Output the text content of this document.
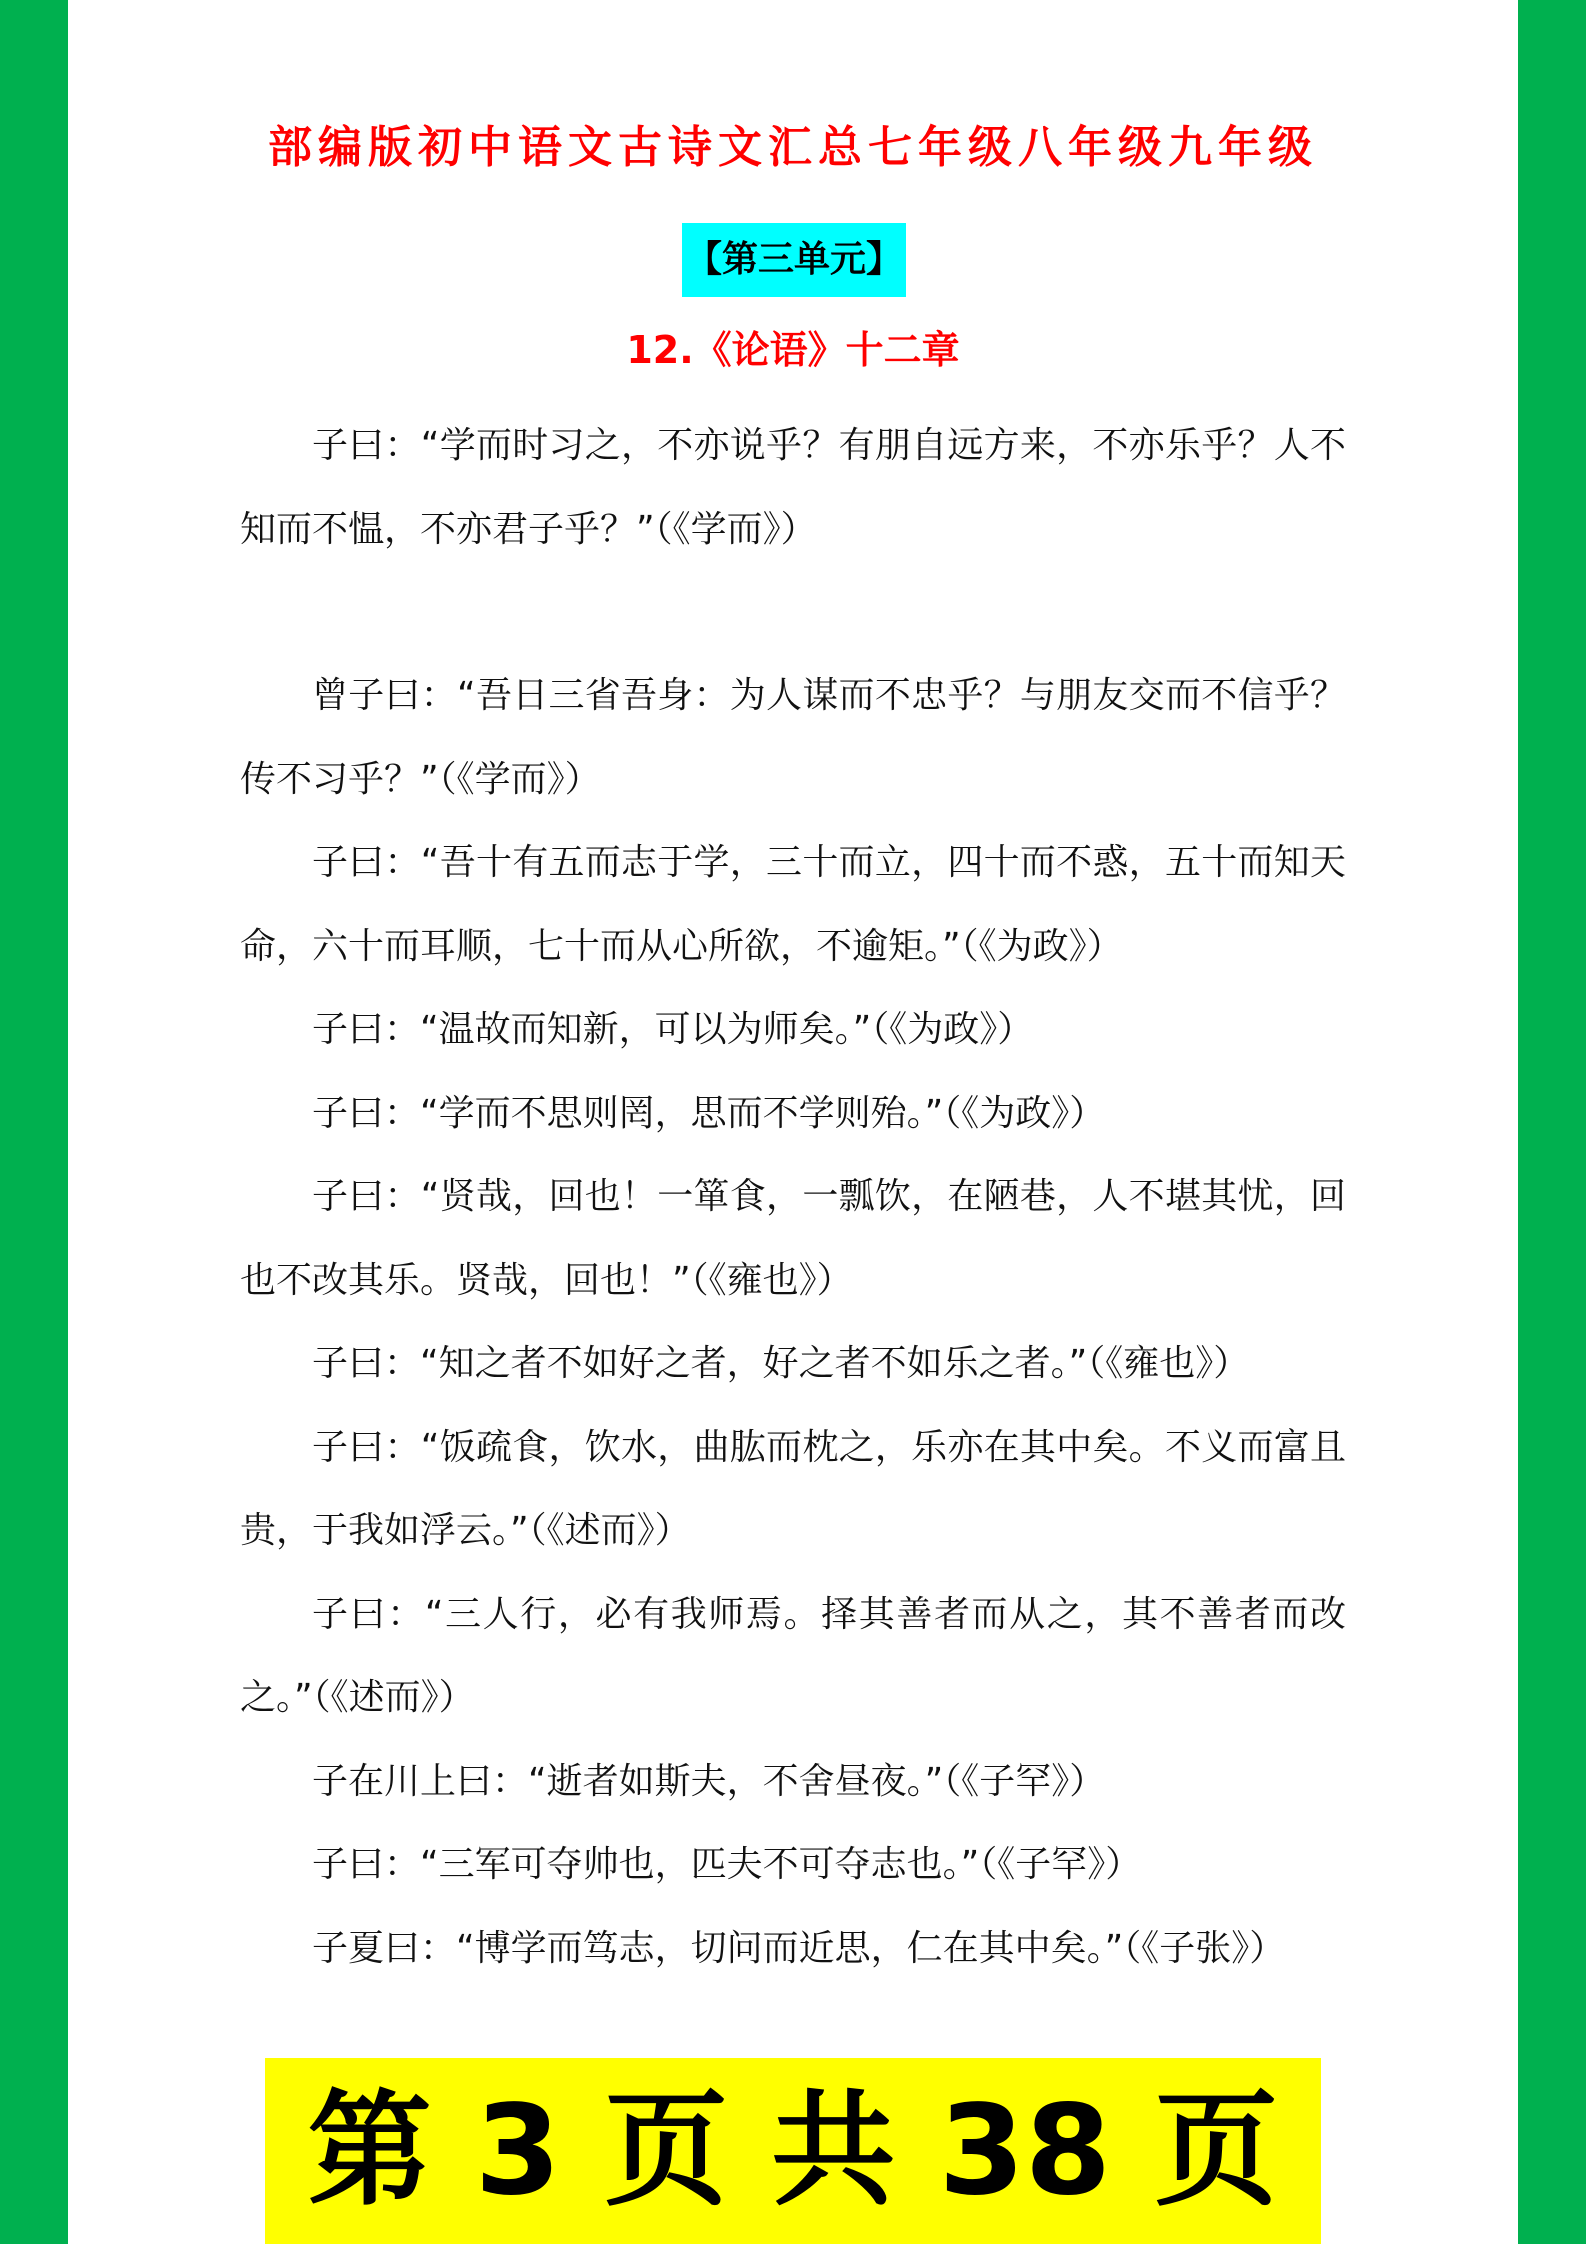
部编版初中语文古诗文汇总七年级八年级九年级
【第三单元】
12.《论语》十二章

子曰：“学而时习之，不亦说乎？有朋自远方来，不亦乐乎？人不知而不愠，不亦君子乎？”（《学而》）

曾子曰：“吾日三省吾身：为人谋而不忠乎？与朋友交而不信乎？传不习乎？”（《学而》）

子曰：“吾十有五而志于学，三十而立，四十而不惑，五十而知天命，六十而耳顺，七十而从心所欲，不逾矩。”（《为政》）

子曰：“温故而知新，可以为师矣。”（《为政》）

子曰：“学而不思则罔，思而不学则殆。”（《为政》）

子曰：“贤哉，回也！一箪食，一瓢饮，在陋巷，人不堪其忧，回也不改其乐。贤哉，回也！”（《雍也》）

子曰：“知之者不如好之者，好之者不如乐之者。”（《雍也》）

子曰：“饭疏食，饮水，曲肱而枕之，乐亦在其中矣。不义而富且贵，于我如浮云。”（《述而》）

子曰：“三人行，必有我师焉。择其善者而从之，其不善者而改之。”（《述而》）

子在川上曰：“逝者如斯夫，不舍昼夜。”（《子罕》）

子曰：“三军可夺帅也，匹夫不可夺志也。”（《子罕》）

子夏曰：“博学而笃志，切问而近思，仁在其中矣。”（《子张》）

第 3 页 共 38 页
